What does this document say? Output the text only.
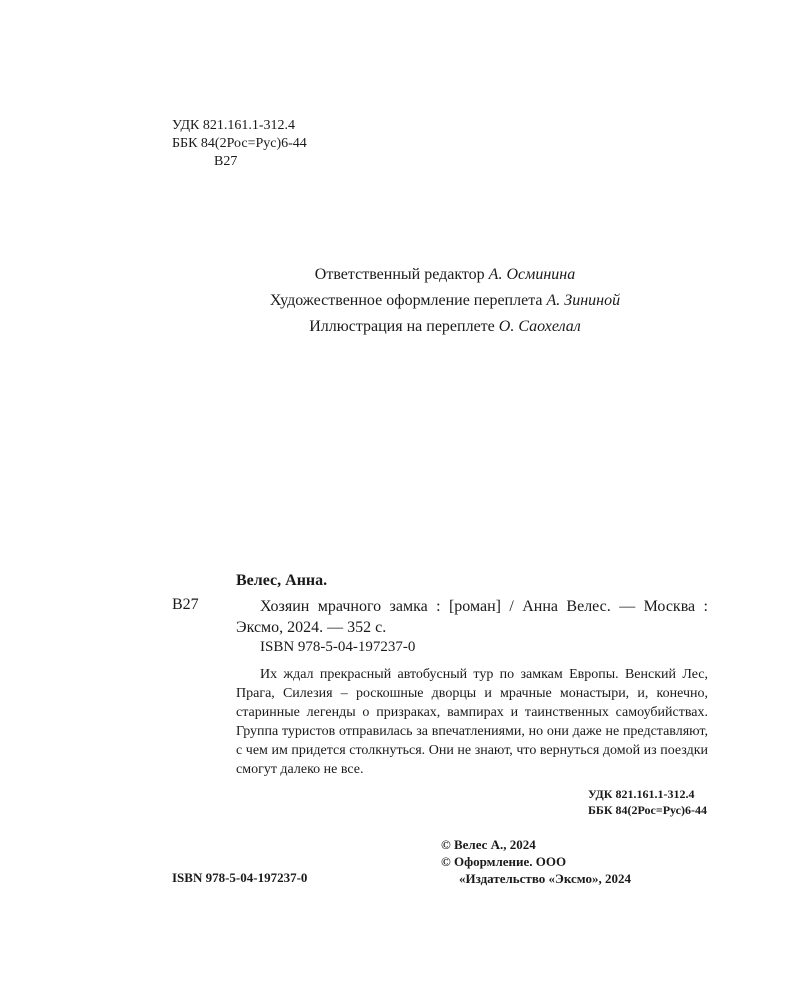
УДК 821.161.1-312.4
ББК 84(2Рос=Рус)6-44
В27
Ответственный редактор А. Осминина
Художественное оформление переплета А. Зининой
Иллюстрация на переплете О. Саохелал
Велес, Анна.
В27	Хозяин мрачного замка : [роман] / Анна Велес. — Москва : Эксмо, 2024. — 352 с.
ISBN 978-5-04-197237-0
Их ждал прекрасный автобусный тур по замкам Европы. Венский Лес, Прага, Силезия – роскошные дворцы и мрачные монастыри, и, конечно, старинные легенды о призраках, вампирах и таинственных самоубийствах. Группа туристов отправилась за впечатлениями, но они даже не представляют, с чем им придется столкнуться. Они не знают, что вернуться домой из поездки смогут далеко не все.
УДК 821.161.1-312.4
ББК 84(2Рос=Рус)6-44
© Велес А., 2024
© Оформление. ООО
«Издательство «Эксмо», 2024
ISBN 978-5-04-197237-0
